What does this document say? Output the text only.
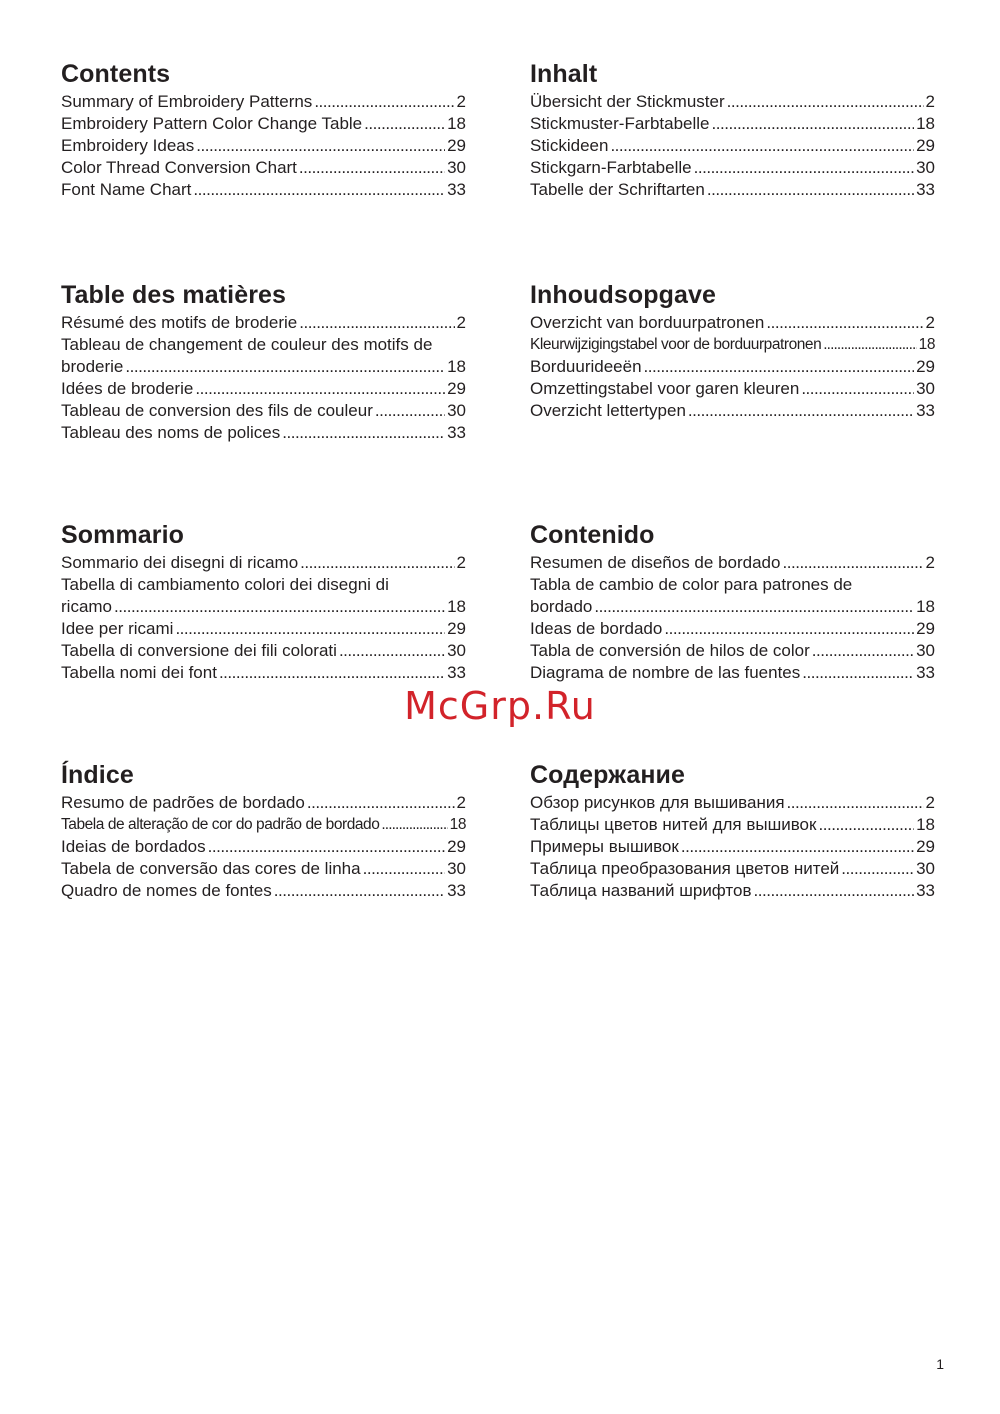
Contents
Summary of Embroidery Patterns . . .	2
Embroidery Pattern Color Change Table . . .	18
Embroidery Ideas . . .	29
Color Thread Conversion Chart . . .	30
Font Name Chart . . .	33
Inhalt
Übersicht der Stickmuster . . .	2
Stickmuster-Farbtabelle . . .	18
Stickideen . . .	29
Stickgarn-Farbtabelle . . .	30
Tabelle der Schriftarten . . .	33
Table des matières
Résumé des motifs de broderie . . .	2
Tableau de changement de couleur des motifs de
broderie . . .	18
Idées de broderie . . .	29
Tableau de conversion des fils de couleur . . .	30
Tableau des noms de polices . . .	33
Inhoudsopgave
Overzicht van borduurpatronen . . .	2
Kleurwijzigingstabel voor de borduurpatronen . . .	18
Borduurideeën . . .	29
Omzettingstabel voor garen kleuren . . .	30
Overzicht lettertypen . . .	33
Sommario
Sommario dei disegni di ricamo . . .	2
Tabella di cambiamento colori dei disegni di
ricamo . . .	18
Idee per ricami . . .	29
Tabella di conversione dei fili colorati . . .	30
Tabella nomi dei font . . .	33
Contenido
Resumen de diseños de bordado . . .	2
Tabla de cambio de color para patrones de
bordado . . .	18
Ideas de bordado . . .	29
Tabla de conversión de hilos de color . . .	30
Diagrama de nombre de las fuentes . . .	33
McGrp.Ru
Índice
Resumo de padrões de bordado . . .	2
Tabela de alteração de cor do padrão de bordado . . .	18
Ideias de bordados . . .	29
Tabela de conversão das cores de linha . . .	30
Quadro de nomes de fontes . . .	33
Содержание
Обзор рисунков для вышивания . . .	2
Таблицы цветов нитей для вышивок . . .	18
Примеры вышивок . . .	29
Таблица преобразования цветов нитей . . .	30
Таблица названий шрифтов . . .	33
1
